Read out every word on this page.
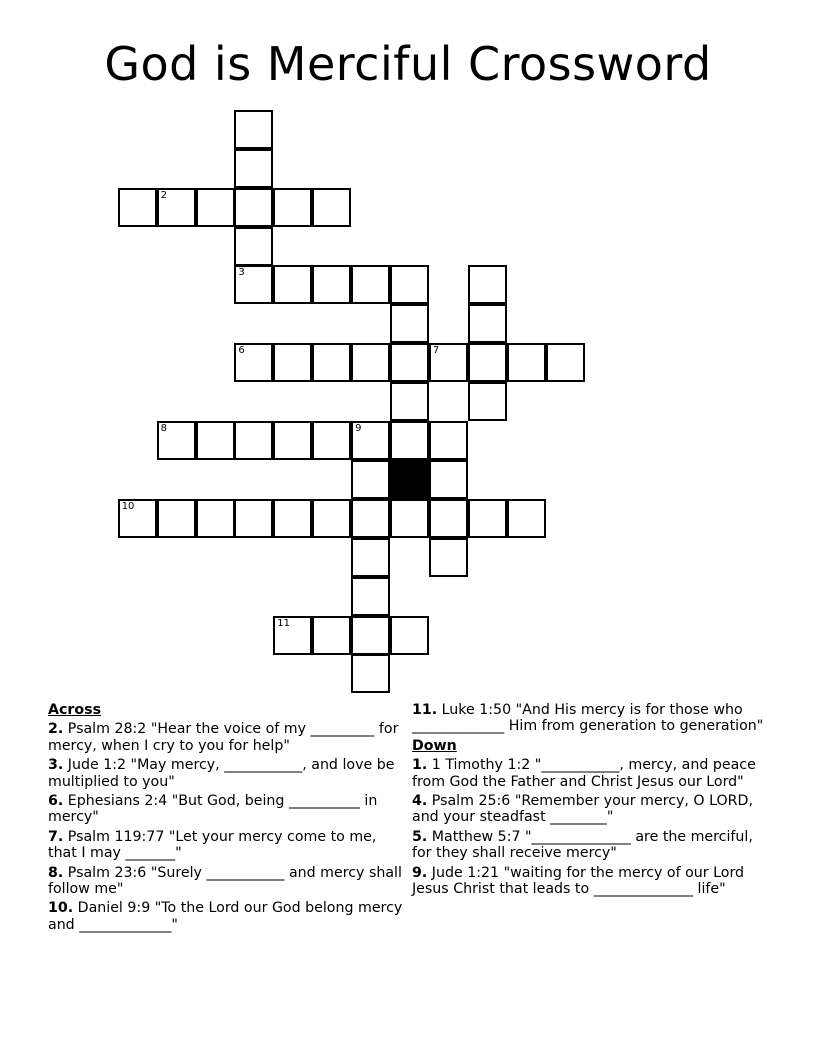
God is Merciful Crossword
3
2
6	7
8	9
10
11
Across
2. Psalm 28:2 "Hear the voice of my _________ for mercy, when I cry to you for help"
3. Jude 1:2 "May mercy, ___________, and love be multiplied to you"
6. Ephesians 2:4 "But God, being __________ in mercy"
7. Psalm 119:77 "Let your mercy come to me, that I may _______"
8. Psalm 23:6 "Surely ___________ and mercy shall follow me"
10. Daniel 9:9 "To the Lord our God belong mercy and _____________"
11. Luke 1:50 "And His mercy is for those who _____________ Him from generation to generation"
Down
1. 1 Timothy 1:2 "___________, mercy, and peace from God the Father and Christ Jesus our Lord"
4. Psalm 25:6 "Remember your mercy, O LORD, and your steadfast ________"
5. Matthew 5:7 "______________ are the merciful, for they shall receive mercy"
9. Jude 1:21 "waiting for the mercy of our Lord Jesus Christ that leads to ______________ life"
